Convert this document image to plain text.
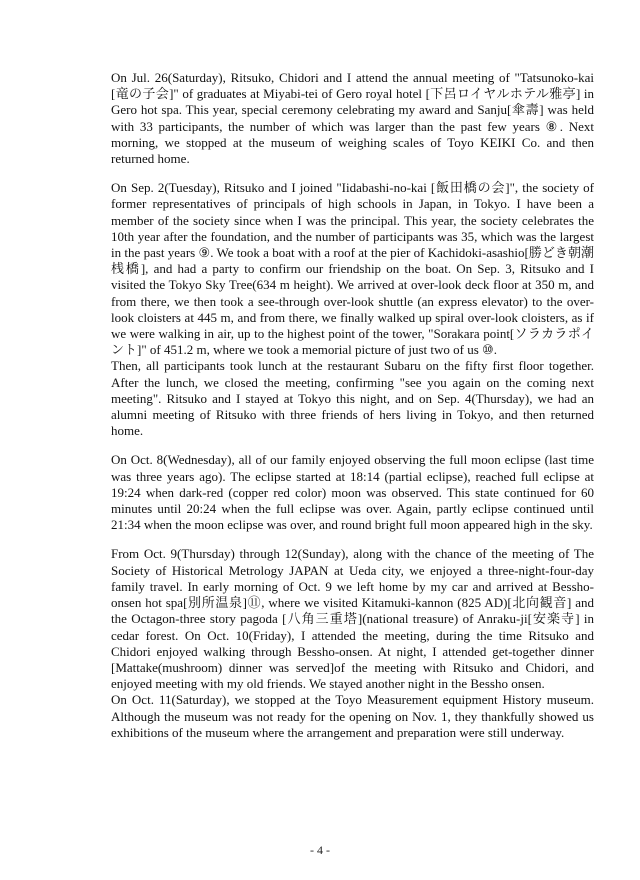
On Jul. 26(Saturday), Ritsuko, Chidori and I attend the annual meeting of "Tatsunoko-kai [竜の子会]" of graduates at Miyabi-tei of Gero royal hotel [下呂ロイヤルホテル雅亭] in Gero hot spa. This year, special ceremony celebrating my award and Sanju[傘壽] was held with 33 participants, the number of which was larger than the past few years ⑧. Next morning, we stopped at the museum of weighing scales of Toyo KEIKI Co. and then returned home.

On Sep. 2(Tuesday), Ritsuko and I joined "Iidabashi-no-kai [飯田橋の会]", the society of former representatives of principals of high schools in Japan, in Tokyo. I have been a member of the society since when I was the principal. This year, the society celebrates the 10th year after the foundation, and the number of participants was 35, which was the largest in the past years ⑨. We took a boat with a roof at the pier of Kachidoki-asashio[勝どき朝潮桟橋], and had a party to confirm our friendship on the boat. On Sep. 3, Ritsuko and I visited the Tokyo Sky Tree(634 m height). We arrived at over-look deck floor at 350 m, and from there, we then took a see-through over-look shuttle (an express elevator) to the over-look cloisters at 445 m, and from there, we finally walked up spiral over-look cloisters, as if we were walking in air, up to the highest point of the tower, "Sorakara point[ソラカラポイント]" of 451.2 m, where we took a memorial picture of just two of us ⑩.

Then, all participants took lunch at the restaurant Subaru on the fifty first floor together. After the lunch, we closed the meeting, confirming "see you again on the coming next meeting". Ritsuko and I stayed at Tokyo this night, and on Sep. 4(Thursday), we had an alumni meeting of Ritsuko with three friends of hers living in Tokyo, and then returned home.

On Oct. 8(Wednesday), all of our family enjoyed observing the full moon eclipse (last time was three years ago). The eclipse started at 18:14 (partial eclipse), reached full eclipse at 19:24 when dark-red (copper red color) moon was observed. This state continued for 60 minutes until 20:24 when the full eclipse was over. Again, partly eclipse continued until 21:34 when the moon eclipse was over, and round bright full moon appeared high in the sky.

From Oct. 9(Thursday) through 12(Sunday), along with the chance of the meeting of The Society of Historical Metrology JAPAN at Ueda city, we enjoyed a three-night-four-day family travel. In early morning of Oct. 9 we left home by my car and arrived at Bessho-onsen hot spa[別所温泉]⑪, where we visited Kitamuki-kannon (825 AD)[北向観音] and the Octagon-three story pagoda [八角三重塔](national treasure) of Anraku-ji[安楽寺] in cedar forest. On Oct. 10(Friday), I attended the meeting, during the time Ritsuko and Chidori enjoyed walking through Bessho-onsen. At night, I attended get-together dinner [Mattake(mushroom) dinner was served]of the meeting with Ritsuko and Chidori, and enjoyed meeting with my old friends. We stayed another night in the Bessho onsen.

On Oct. 11(Saturday), we stopped at the Toyo Measurement equipment History museum. Although the museum was not ready for the opening on Nov. 1, they thankfully showed us exhibitions of the museum where the arrangement and preparation were still underway.

- 4 -
